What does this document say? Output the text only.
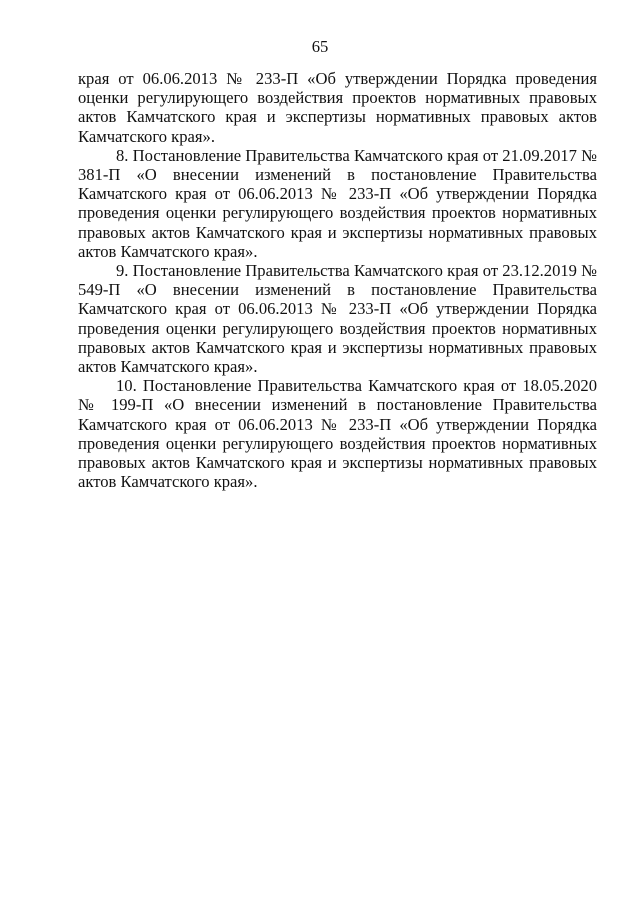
65

края от 06.06.2013 № 233-П «Об утверждении Порядка проведения оценки регулирующего воздействия проектов нормативных правовых актов Камчатского края и экспертизы нормативных правовых актов Камчатского края».

8. Постановление Правительства Камчатского края от 21.09.2017 № 381-П «О внесении изменений в постановление Правительства Камчатского края от 06.06.2013 № 233-П «Об утверждении Порядка проведения оценки регулирующего воздействия проектов нормативных правовых актов Камчатского края и экспертизы нормативных правовых актов Камчатского края».

9. Постановление Правительства Камчатского края от 23.12.2019 № 549-П «О внесении изменений в постановление Правительства Камчатского края от 06.06.2013 № 233-П «Об утверждении Порядка проведения оценки регулирующего воздействия проектов нормативных правовых актов Камчатского края и экспертизы нормативных правовых актов Камчатского края».

10. Постановление Правительства Камчатского края от 18.05.2020 № 199-П «О внесении изменений в постановление Правительства Камчатского края от 06.06.2013 № 233-П «Об утверждении Порядка проведения оценки регулирующего воздействия проектов нормативных правовых актов Камчатского края и экспертизы нормативных правовых актов Камчатского края».
